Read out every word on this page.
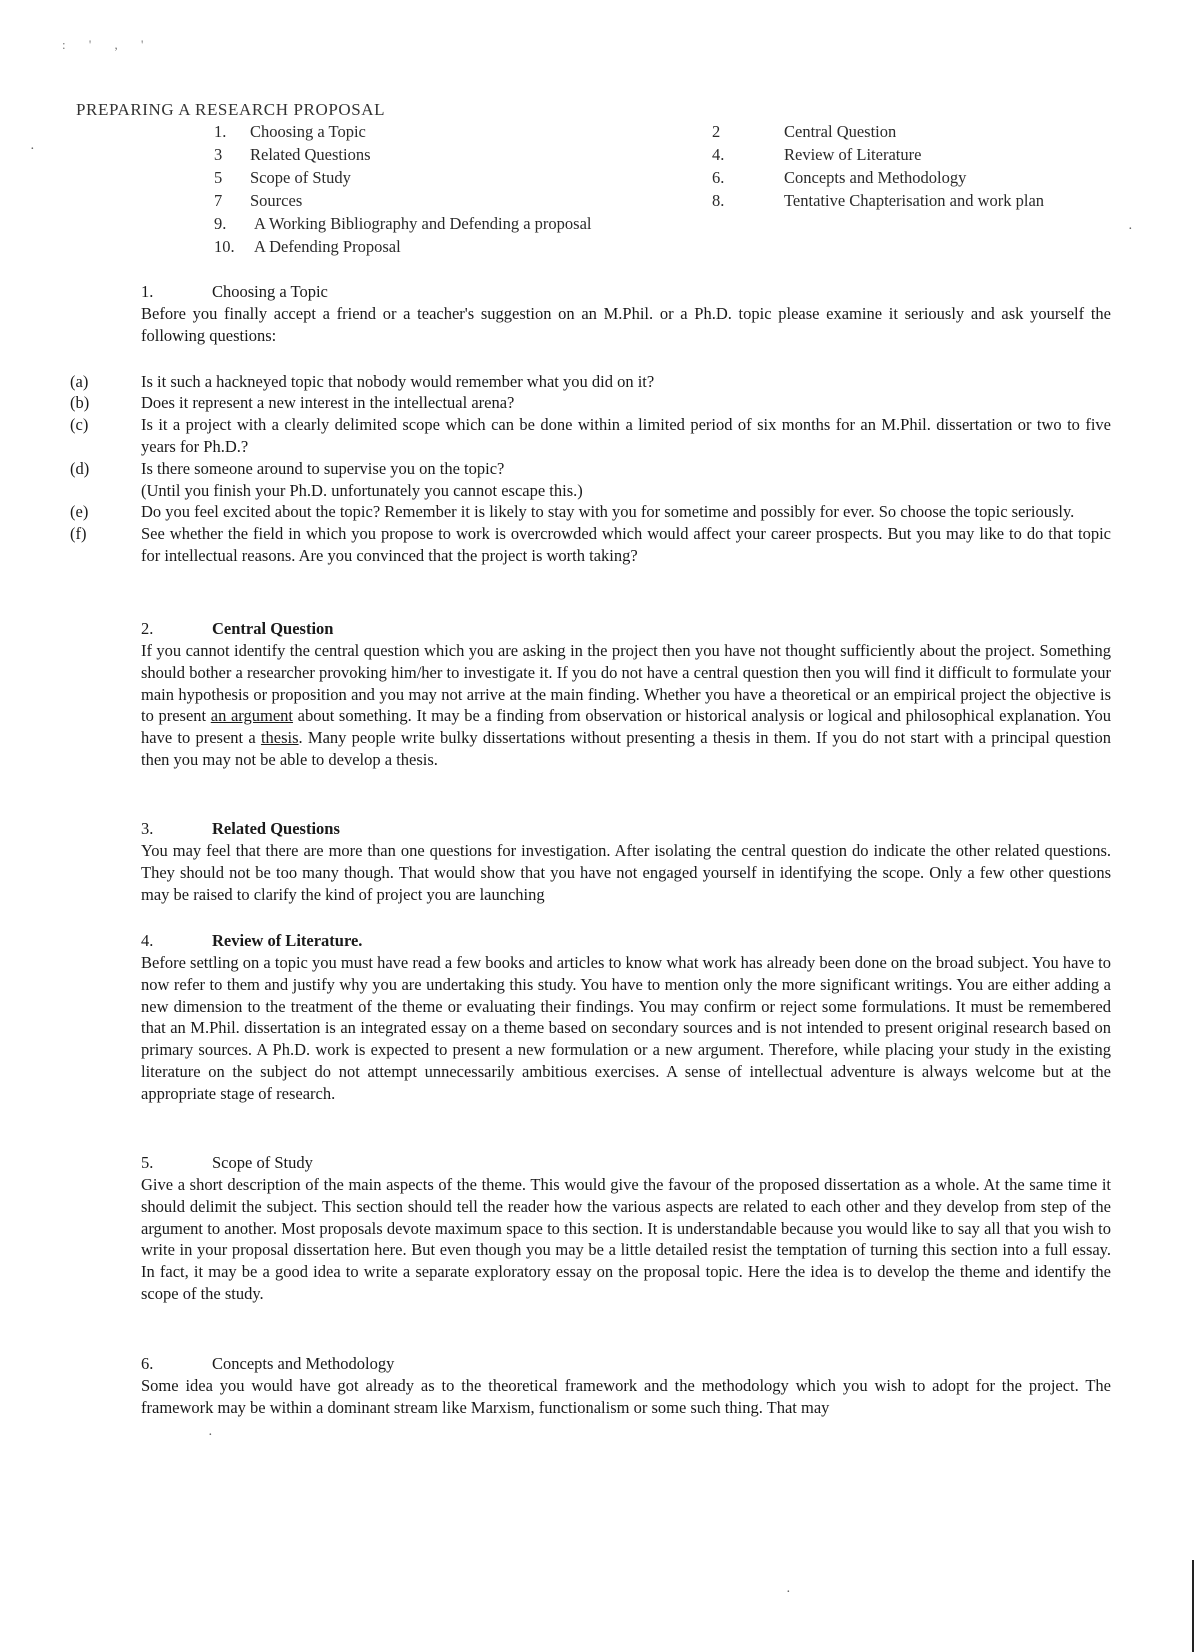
: ' , '
·
PREPARING A RESEARCH PROPOSAL
1. Choosing a Topic	2	Central Question
3 Related Questions	4.	Review of Literature
5 Scope of Study	6.	Concepts and Methodology
7 Sources	8.	Tentative Chapterisation and work plan
9. A Working Bibliography and Defending a proposal
10. A Defending Proposal
·
1.	Choosing a Topic

Before you finally accept a friend or a teacher's suggestion on an M.Phil. or a Ph.D. topic please examine it seriously and ask yourself the following questions:

(a)	Is it such a hackneyed topic that nobody would remember what you did on it?
(b)	Does it represent a new interest in the intellectual arena?
(c)	Is it a project with a clearly delimited scope which can be done within a limited period of six months for an M.Phil. dissertation or two to five years for Ph.D.?
(d)	Is there someone around to supervise you on the topic?
(Until you finish your Ph.D. unfortunately you cannot escape this.)
(e)	Do you feel excited about the topic? Remember it is likely to stay with you for sometime and possibly for ever. So choose the topic seriously.
(f)	See whether the field in which you propose to work is overcrowded which would affect your career prospects. But you may like to do that topic for intellectual reasons. Are you convinced that the project is worth taking?
2.	Central Question

If you cannot identify the central question which you are asking in the project then you have not thought sufficiently about the project. Something should bother a researcher provoking him/her to investigate it. If you do not have a central question then you will find it difficult to formulate your main hypothesis or proposition and you may not arrive at the main finding. Whether you have a theoretical or an empirical project the objective is to present an argument about something. It may be a finding from observation or historical analysis or logical and philosophical explanation. You have to present a thesis. Many people write bulky dissertations without presenting a thesis in them. If you do not start with a principal question then you may not be able to develop a thesis.

3.	Related Questions

You may feel that there are more than one questions for investigation. After isolating the central question do indicate the other related questions. They should not be too many though. That would show that you have not engaged yourself in identifying the scope. Only a few other questions may be raised to clarify the kind of project you are launching

4.	Review of Literature.

Before settling on a topic you must have read a few books and articles to know what work has already been done on the broad subject. You have to now refer to them and justify why you are undertaking this study. You have to mention only the more significant writings. You are either adding a new dimension to the treatment of the theme or evaluating their findings. You may confirm or reject some formulations. It must be remembered that an M.Phil. dissertation is an integrated essay on a theme based on secondary sources and is not intended to present original research based on primary sources. A Ph.D. work is expected to present a new formulation or a new argument. Therefore, while placing your study in the existing literature on the subject do not attempt unnecessarily ambitious exercises. A sense of intellectual adventure is always welcome but at the appropriate stage of research.

5.	Scope of Study

Give a short description of the main aspects of the theme. This would give the favour of the proposed dissertation as a whole. At the same time it should delimit the subject. This section should tell the reader how the various aspects are related to each other and they develop from step of the argument to another. Most proposals devote maximum space to this section. It is understandable because you would like to say all that you wish to write in your proposal dissertation here. But even though you may be a little detailed resist the temptation of turning this section into a full essay. In fact, it may be a good idea to write a separate exploratory essay on the proposal topic. Here the idea is to develop the theme and identify the scope of the study.

6.	Concepts and Methodology

Some idea you would have got already as to the theoretical framework and the methodology which you wish to adopt for the project. The framework may be within a dominant stream like Marxism, functionalism or some such thing. That may

·
·
